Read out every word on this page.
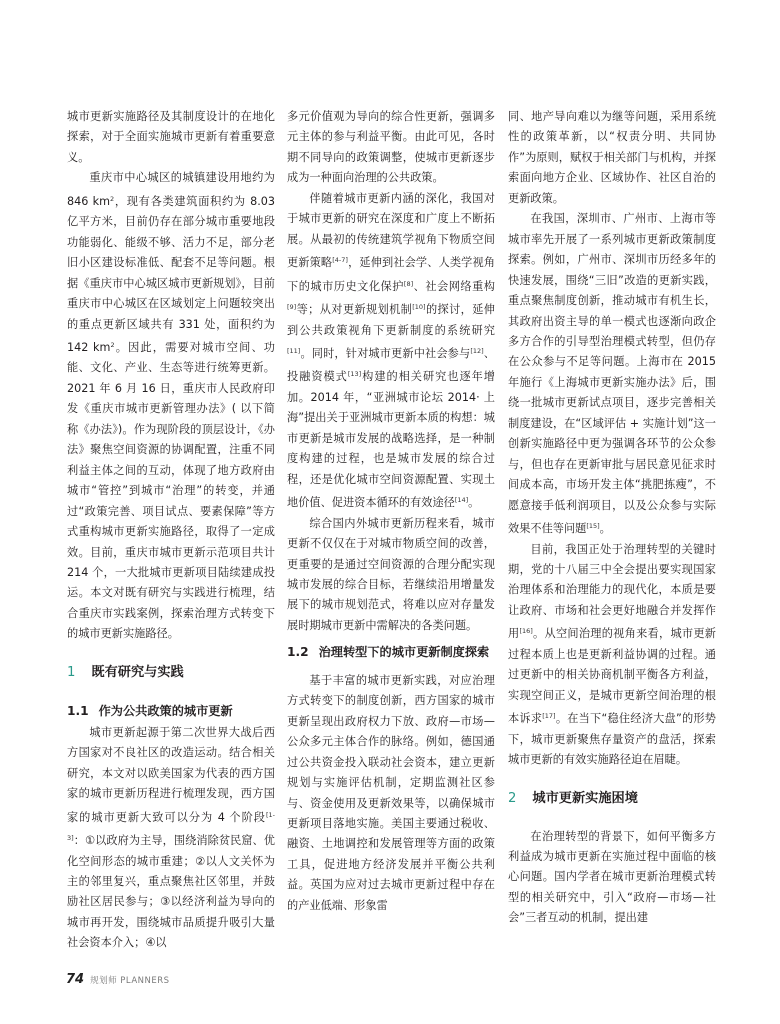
城市更新实施路径及其制度设计的在地化探索，对于全面实施城市更新有着重要意义。

重庆市中心城区的城镇建设用地约为 846 $km^2$，现有各类建筑面积约为 8.03 亿平方米，目前仍存在部分城市重要地段功能弱化、能级不够、活力不足，部分老旧小区建设标准低、配套不足等问题。根据《重庆市中心城区城市更新规划》，目前重庆市中心城区在区域划定上问题较突出的重点更新区域共有 331 处，面积约为 142 $km^2$。因此，需要对城市空间、功能、文化、产业、生态等进行统筹更新。2021 年 6 月 16 日，重庆市人民政府印发《重庆市城市更新管理办法》( 以下简称《办法》)。作为现阶段的顶层设计，《办法》聚焦空间资源的协调配置，注重不同利益主体之间的互动，体现了地方政府由城市“管控”到城市“治理”的转变，并通过“政策完善、项目试点、要素保障”等方式重构城市更新实施路径，取得了一定成效。目前，重庆市城市更新示范项目共计 214 个，一大批城市更新项目陆续建成投运。本文对既有研究与实践进行梳理，结合重庆市实践案例，探索治理方式转变下的城市更新实施路径。

1 既有研究与实践
1.1 作为公共政策的城市更新

城市更新起源于第二次世界大战后西方国家对不良社区的改造运动。结合相关研究，本文对以欧美国家为代表的西方国家的城市更新历程进行梳理发现，西方国家的城市更新大致可以分为 4 个阶段[1-3]：①以政府为主导，围绕消除贫民窟、优化空间形态的城市重建；②以人文关怀为主的邻里复兴，重点聚焦社区邻里，并鼓励社区居民参与；③以经济利益为导向的城市再开发，围绕城市品质提升吸引大量社会资本介入；④以

多元价值观为导向的综合性更新，强调多元主体的参与利益平衡。由此可见，各时期不同导向的政策调整，使城市更新逐步成为一种面向治理的公共政策。

伴随着城市更新内涵的深化，我国对于城市更新的研究在深度和广度上不断拓展。从最初的传统建筑学视角下物质空间更新策略[4-7]，延伸到社会学、人类学视角下的城市历史文化保护[8]、社会网络重构[9]等；从对更新规划机制[10]的探讨，延伸到公共政策视角下更新制度的系统研究[11]。同时，针对城市更新中社会参与[12]、投融资模式[13]构建的相关研究也逐年增加。2014 年，“亚洲城市论坛 2014· 上海”提出关于亚洲城市更新本质的构想：城市更新是城市发展的战略选择，是一种制度构建的过程，也是城市发展的综合过程，还是优化城市空间资源配置、实现土地价值、促进资本循环的有效途径[14]。

综合国内外城市更新历程来看，城市更新不仅仅在于对城市物质空间的改善，更重要的是通过空间资源的合理分配实现城市发展的综合目标，若继续沿用增量发展下的城市规划范式，将难以应对存量发展时期城市更新中需解决的各类问题。

1.2 治理转型下的城市更新制度探索

基于丰富的城市更新实践，对应治理方式转变下的制度创新，西方国家的城市更新呈现出政府权力下放、政府—市场—公众多元主体合作的脉络。例如，德国通过公共资金投入联动社会资本，建立更新规划与实施评估机制，定期监测社区参与、资金使用及更新效果等，以确保城市更新项目落地实施。美国主要通过税收、融资、土地调控和发展管理等方面的政策工具，促进地方经济发展并平衡公共利益。英国为应对过去城市更新过程中存在的产业低端、形象雷

同、地产导向难以为继等问题，采用系统性的政策革新，以“权责分明、共同协作”为原则，赋权于相关部门与机构，并探索面向地方企业、区域协作、社区自治的更新政策。

在我国，深圳市、广州市、上海市等城市率先开展了一系列城市更新政策制度探索。例如，广州市、深圳市历经多年的快速发展，围绕“三旧”改造的更新实践，重点聚焦制度创新，推动城市有机生长，其政府出资主导的单一模式也逐渐向政企多方合作的引导型治理模式转型，但仍存在公众参与不足等问题。上海市在 2015 年施行《上海城市更新实施办法》后，围绕一批城市更新试点项目，逐步完善相关制度建设，在“区域评估 + 实施计划”这一创新实施路径中更为强调各环节的公众参与，但也存在更新审批与居民意见征求时间成本高，市场开发主体“挑肥拣瘦”，不愿意接手低利润项目，以及公众参与实际效果不佳等问题[15]。

目前，我国正处于治理转型的关键时期，党的十八届三中全会提出要实现国家治理体系和治理能力的现代化，本质是要让政府、市场和社会更好地融合并发挥作用[16]。从空间治理的视角来看，城市更新过程本质上也是更新利益协调的过程。通过更新中的相关协商机制平衡各方利益，实现空间正义，是城市更新空间治理的根本诉求[17]。在当下“稳住经济大盘”的形势下，城市更新聚焦存量资产的盘活，探索城市更新的有效实施路径迫在眉睫。

2 城市更新实施困境

在治理转型的背景下，如何平衡多方利益成为城市更新在实施过程中面临的核心问题。国内学者在城市更新治理模式转型的相关研究中，引入“政府—市场—社会”三者互动的机制，提出建

74 规划师 PLANNERS
